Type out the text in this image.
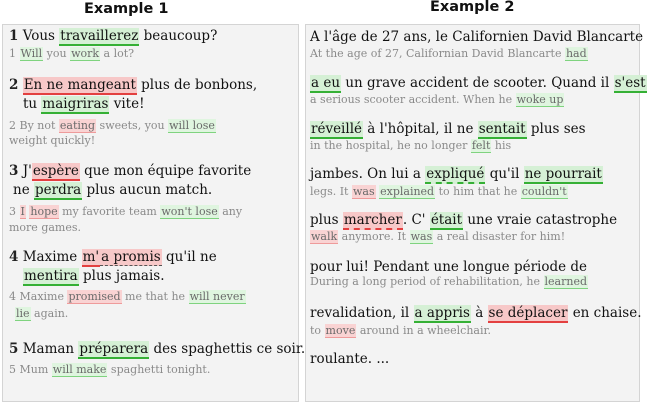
Example 1	Example 2
1 Vous travaillerez beaucoup?
1 Will you work a lot?
2 En ne mangeant plus de bonbons,
tu maigriras vite!
2 By not eating sweets, you will lose
weight quickly!
3 J'espère que mon équipe favorite
ne perdra plus aucun match.
3 I hope my favorite team won't lose any
more games.
4 Maxime m' a promis qu'il ne
mentira plus jamais.
4 Maxime promised me that he will never
lie again.
5 Maman préparera des spaghettis ce soir.
5 Mum will make spaghetti tonight.
A l'âge de 27 ans, le Californien David Blancarte
At the age of 27, Californian David Blancarte had
a eu un grave accident de scooter. Quand il s'est
a serious scooter accident. When he woke up
réveillé à l'hôpital, il ne sentait plus ses
in the hospital, he no longer felt his
jambes. On lui a expliqué qu'il ne pourrait
legs. It was explained to him that he couldn't
plus marcher. C' était une vraie catastrophe
walk anymore. It was a real disaster for him!
pour lui! Pendant une longue période de
During a long period of rehabilitation, he learned
revalidation, il a appris à se déplacer en chaise.
to move around in a wheelchair.
roulante. ...
